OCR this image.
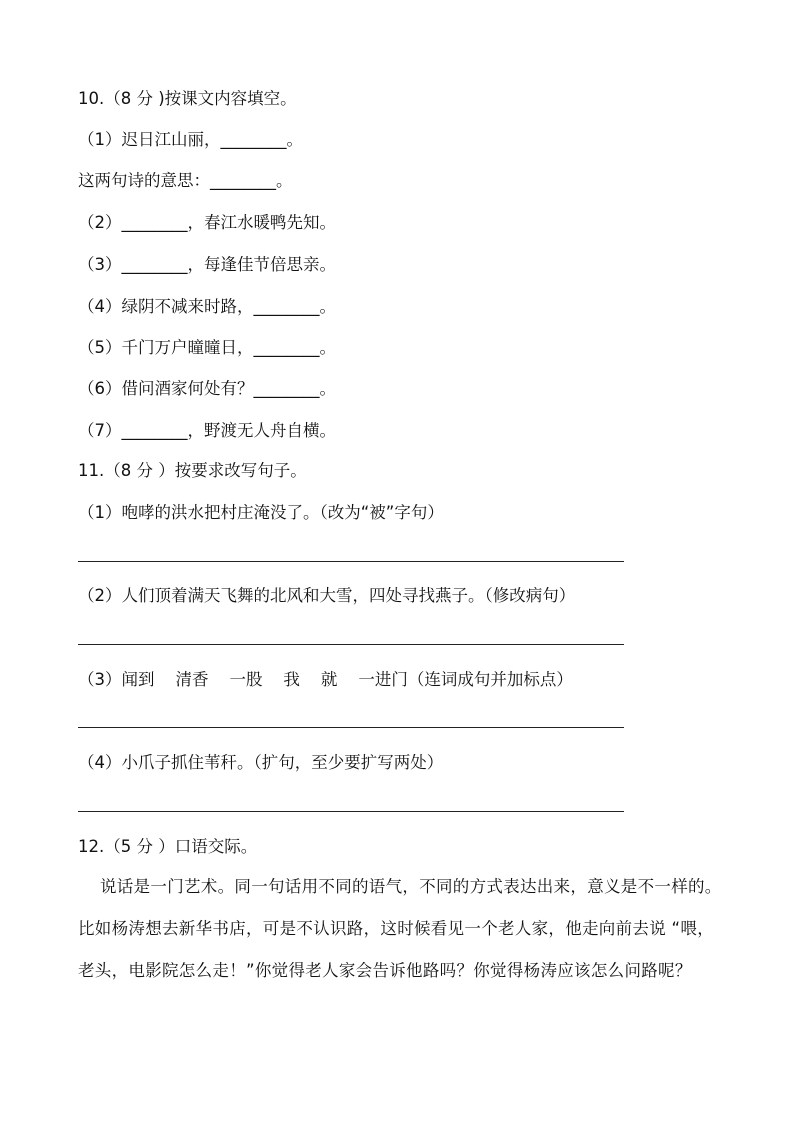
10.（8 分 )按课文内容填空。
（1）迟日江山丽，________。
这两句诗的意思：________。
（2）________，春江水暖鸭先知。
（3）________，每逢佳节倍思亲。
（4）绿阴不减来时路，________。
（5）千门万户曈曈日，________。
（6）借问酒家何处有？________。
（7）________，野渡无人舟自横。
11.（8 分 ）按要求改写句子。
（1）咆哮的洪水把村庄淹没了。（改为“被”字句）
（2）人们顶着满天飞舞的北风和大雪，四处寻找燕子。（修改病句）
（3）闻到    清香    一股    我    就    一进门（连词成句并加标点）
（4）小爪子抓住苇秆。（扩句，至少要扩写两处）
12.（5 分 ）口语交际。
说话是一门艺术。同一句话用不同的语气，不同的方式表达出来，意义是不一样的。比如杨涛想去新华书店，可是不认识路，这时候看见一个老人家，他走向前去说 “喂，老头，电影院怎么走！”你觉得老人家会告诉他路吗？你觉得杨涛应该怎么问路呢？
